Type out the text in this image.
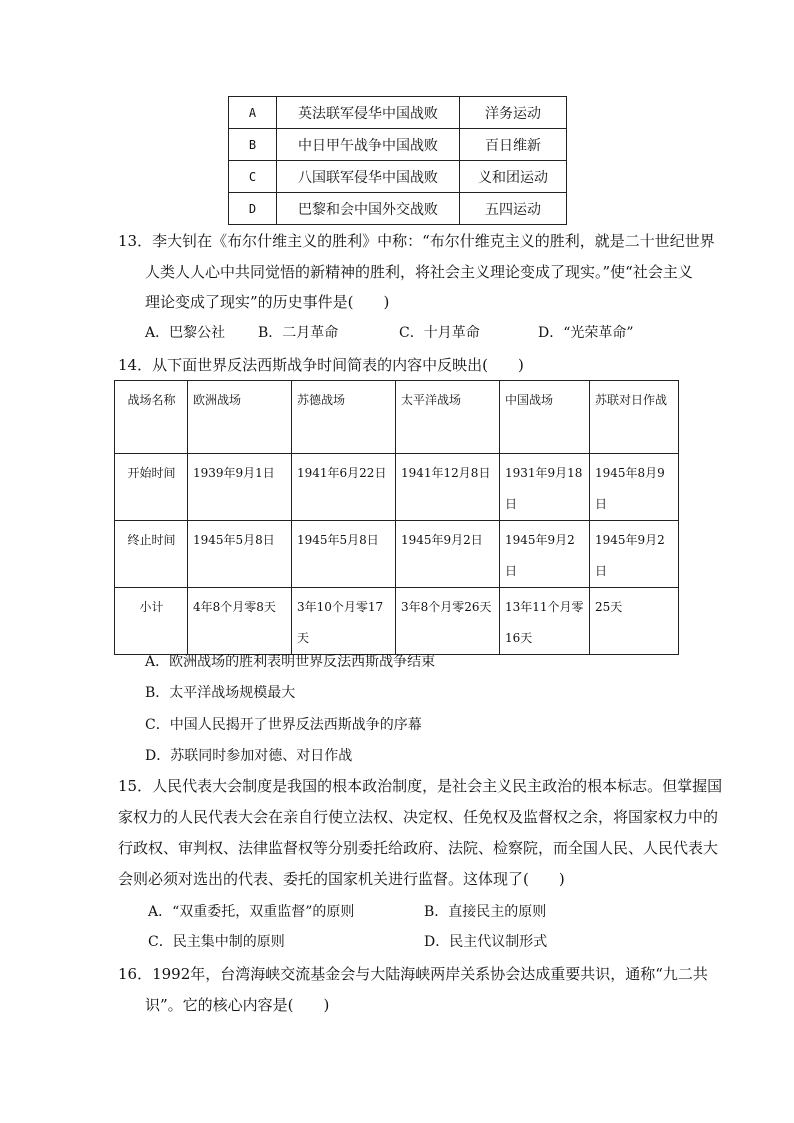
A	英法联军侵华中国战败	洋务运动
B	中日甲午战争中国战败	百日维新
C	八国联军侵华中国战败	义和团运动
D	巴黎和会中国外交战败	五四运动
13．李大钊在《布尔什维主义的胜利》中称：“布尔什维克主义的胜利，就是二十世纪世界
人类人人心中共同觉悟的新精神的胜利，将社会主义理论变成了现实。”使“社会主义
理论变成了现实”的历史事件是(　　)
A．巴黎公社 B．二月革命	C．十月革命	D．“光荣革命”
14．从下面世界反法西斯战争时间简表的内容中反映出(　　)
战场名称	欧洲战场	苏德战场	太平洋战场	中国战场	苏联对日作战
开始时间	1939年9月1日	1941年6月22日	1941年12月8日	1931年9月18日	1945年8月9日
终止时间	1945年5月8日	1945年5月8日	1945年9月2日	1945年9月2日	1945年9月2日
小计	4年8个月零8天	3年10个月零17天	3年8个月零26天	13年11个月零16天	25天
A．欧洲战场的胜利表明世界反法西斯战争结束
B．太平洋战场规模最大
C．中国人民揭开了世界反法西斯战争的序幕
D．苏联同时参加对德、对日作战
15．人民代表大会制度是我国的根本政治制度，是社会主义民主政治的根本标志。但掌握国
家权力的人民代表大会在亲自行使立法权、决定权、任免权及监督权之余，将国家权力中的
行政权、审判权、法律监督权等分别委托给政府、法院、检察院，而全国人民、人民代表大
会则必须对选出的代表、委托的国家机关进行监督。这体现了(　　)
A．“双重委托，双重监督”的原则	B．直接民主的原则
C．民主集中制的原则	D．民主代议制形式
16．1992年，台湾海峡交流基金会与大陆海峡两岸关系协会达成重要共识，通称“九二共
识”。它的核心内容是(　　)
